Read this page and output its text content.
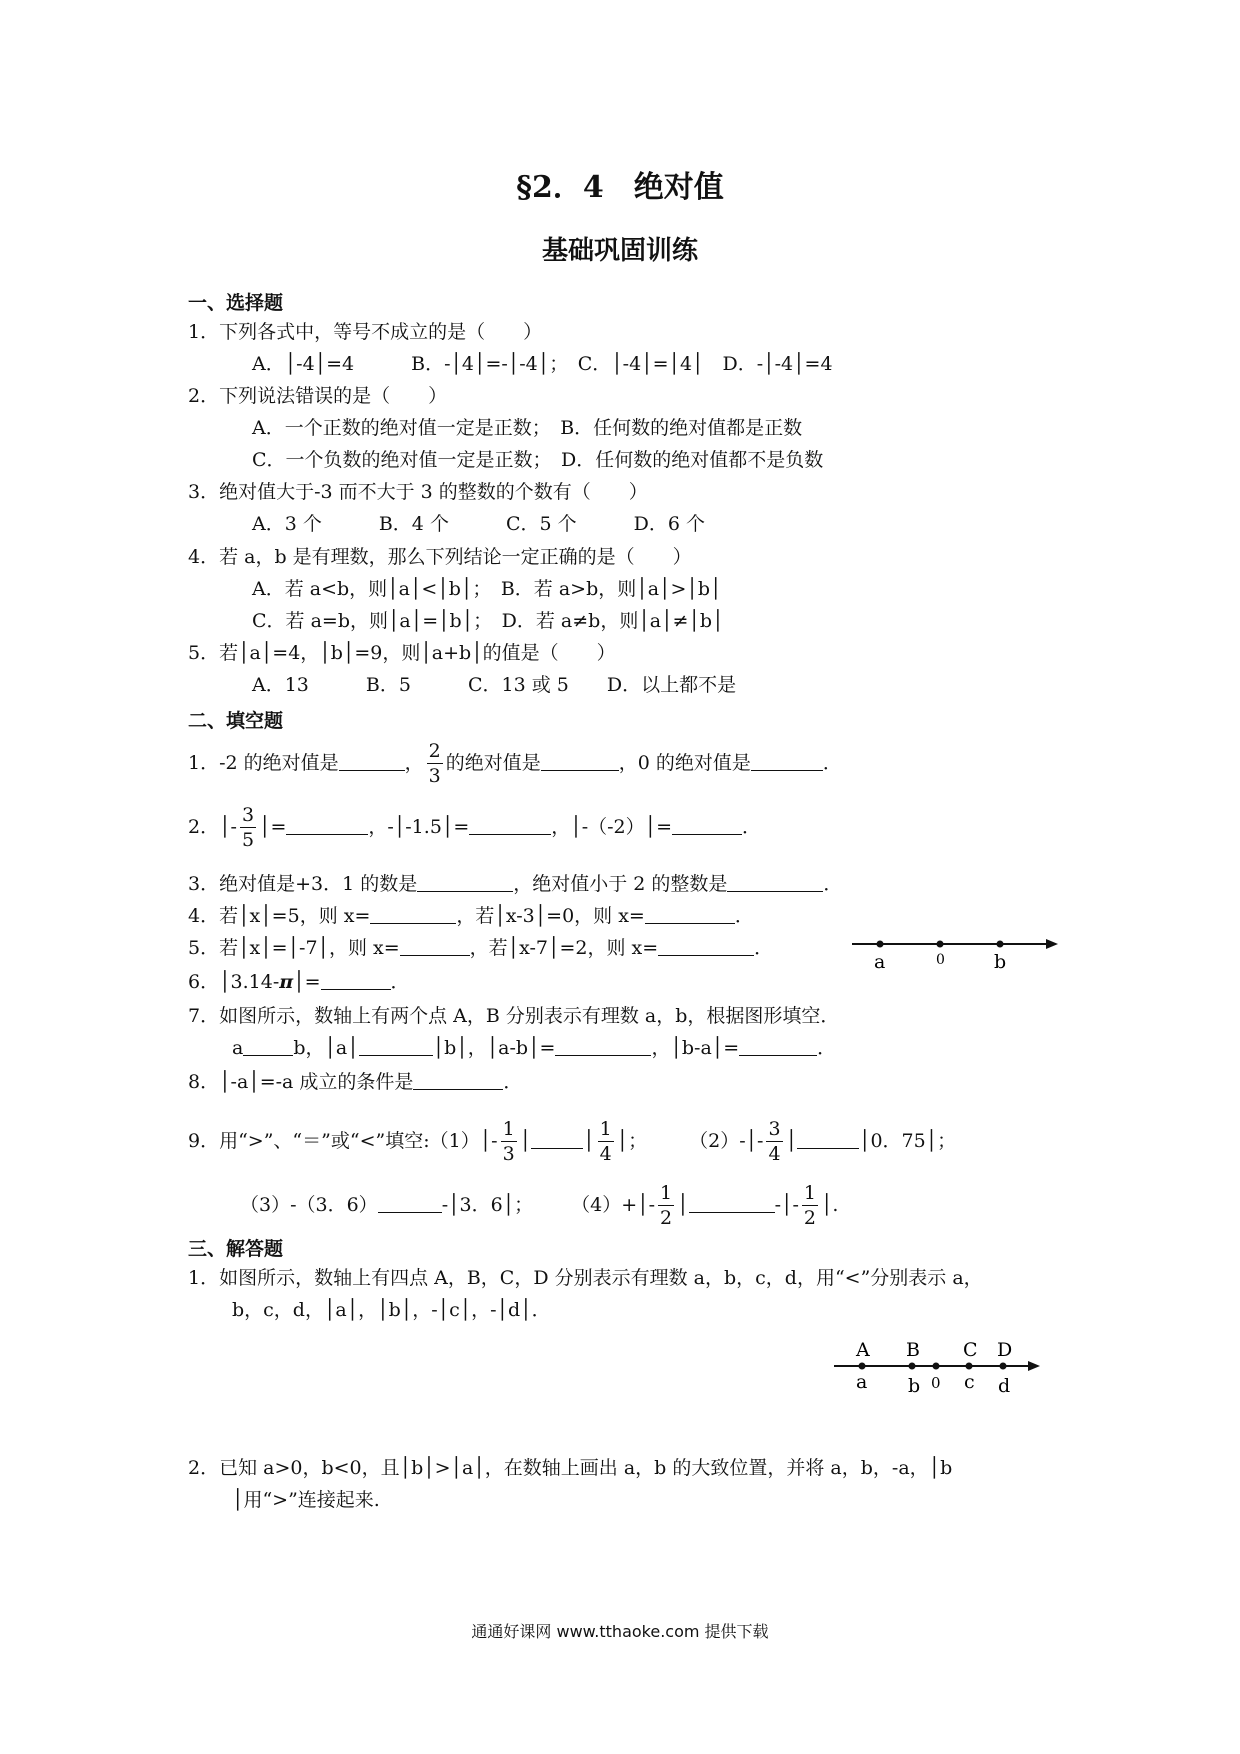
§2．4　绝对值
基础巩固训练
一、选择题
1．下列各式中，等号不成立的是（　　）
A．│-4│=4　　　B．-│4│=-│-4│；　C．│-4│=│4│　D．-│-4│=4
2．下列说法错误的是（　　）
A．一个正数的绝对值一定是正数；　B．任何数的绝对值都是正数
C．一个负数的绝对值一定是正数；　D．任何数的绝对值都不是负数
3．绝对值大于-3 而不大于 3 的整数的个数有（　　）
A．3 个　　　B．4 个　　　C．5 个　　　D．6 个
4．若 a，b 是有理数，那么下列结论一定正确的是（　　）
A．若 a<b，则│a│<│b│；　B．若 a>b，则│a│>│b│
C．若 a=b，则│a│=│b│；　D．若 a≠b，则│a│≠│b│
5．若│a│=4，│b│=9，则│a+b│的值是（　　）
A．13　　　B．5　　　C．13 或 5　　D．以上都不是
二、填空题
1．-2 的绝对值是	， $\frac{2}{3}$ 的绝对值是	，0 的绝对值是	．
2．│- $\frac{3}{5}$ │=	，-│-1.5│=	，│-（-2）│=	．
3．绝对值是+3．1 的数是	，绝对值小于 2 的整数是	．
4．若│x│=5，则 x=	，若│x-3│=0，则 x=	．
5．若│x│=│-7│，则 x=	，若│x-7│=2，则 x=	．
a	0	b
6．│3.14-π│=	．
7．如图所示，数轴上有两个点 A，B 分别表示有理数 a，b，根据图形填空．
a	b，│a│	│b│，│a-b│=	，│b-a│=	．
8．│-a│=-a 成立的条件是	．
9．用“>”、“＝”或“<”填空:（1）│- $\frac{1}{3}$ │	│ $\frac{1}{4}$ │； （2）-│- $\frac{3}{4}$ │	│0．75│；
（3）-（3．6）	-│3．6│； （4）+│- $\frac{1}{2}$ │	-│- $\frac{1}{2}$ │.
三、解答题
1．如图所示，数轴上有四点 A，B，C，D 分别表示有理数 a，b，c，d，用“<”分别表示 a，
b，c，d，│a│，│b│，-│c│，-│d│．
A B C D
a b 0 c d
2．已知 a>0，b<0，且│b│>│a│，在数轴上画出 a，b 的大致位置，并将 a，b，-a，│b
│用“>”连接起来.
通通好课网 www.tthaoke.com 提供下载
